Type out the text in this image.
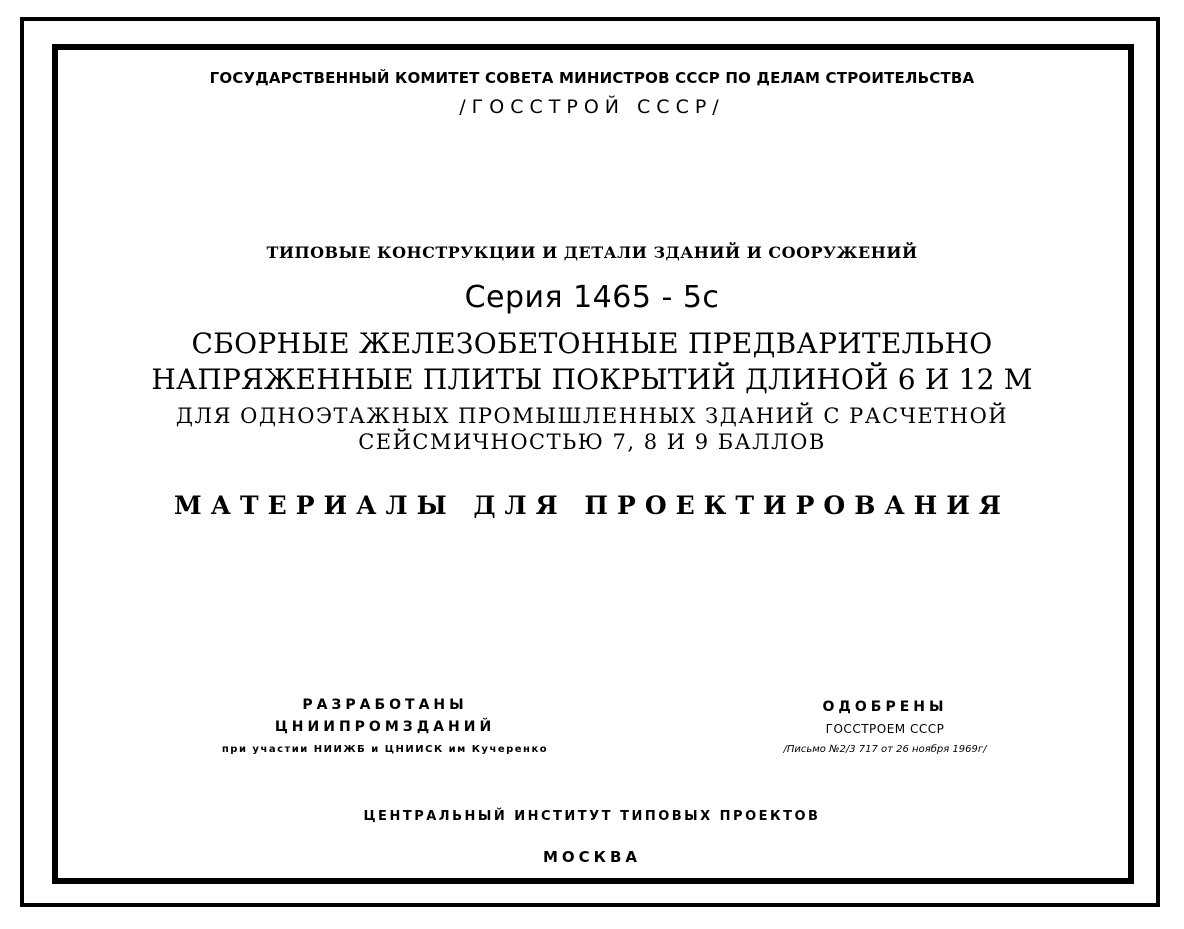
ГОСУДАРСТВЕННЫЙ КОМИТЕТ СОВЕТА МИНИСТРОВ СССР ПО ДЕЛАМ СТРОИТЕЛЬСТВА
/ГОССТРОЙ СССР/
ТИПОВЫЕ КОНСТРУКЦИИ И ДЕТАЛИ ЗДАНИЙ И СООРУЖЕНИЙ
Серия 1465 - 5с
СБОРНЫЕ ЖЕЛЕЗОБЕТОННЫЕ ПРЕДВАРИТЕЛЬНО
НАПРЯЖЕННЫЕ ПЛИТЫ ПОКРЫТИЙ ДЛИНОЙ 6 И 12 М
ДЛЯ ОДНОЭТАЖНЫХ ПРОМЫШЛЕННЫХ ЗДАНИЙ С РАСЧЕТНОЙ
СЕЙСМИЧНОСТЬЮ 7, 8 И 9 БАЛЛОВ
МАТЕРИАЛЫ ДЛЯ ПРОЕКТИРОВАНИЯ
РАЗРАБОТАНЫ
ЦНИИПРОМЗДАНИЙ
при участии НИИЖБ и ЦНИИСК им Кучеренко
ОДОБРЕНЫ
ГОССТРОЕМ СССР
/Письмо №2/3 717 от 26 ноября 1969г/
ЦЕНТРАЛЬНЫЙ ИНСТИТУТ ТИПОВЫХ ПРОЕКТОВ
МОСКВА
